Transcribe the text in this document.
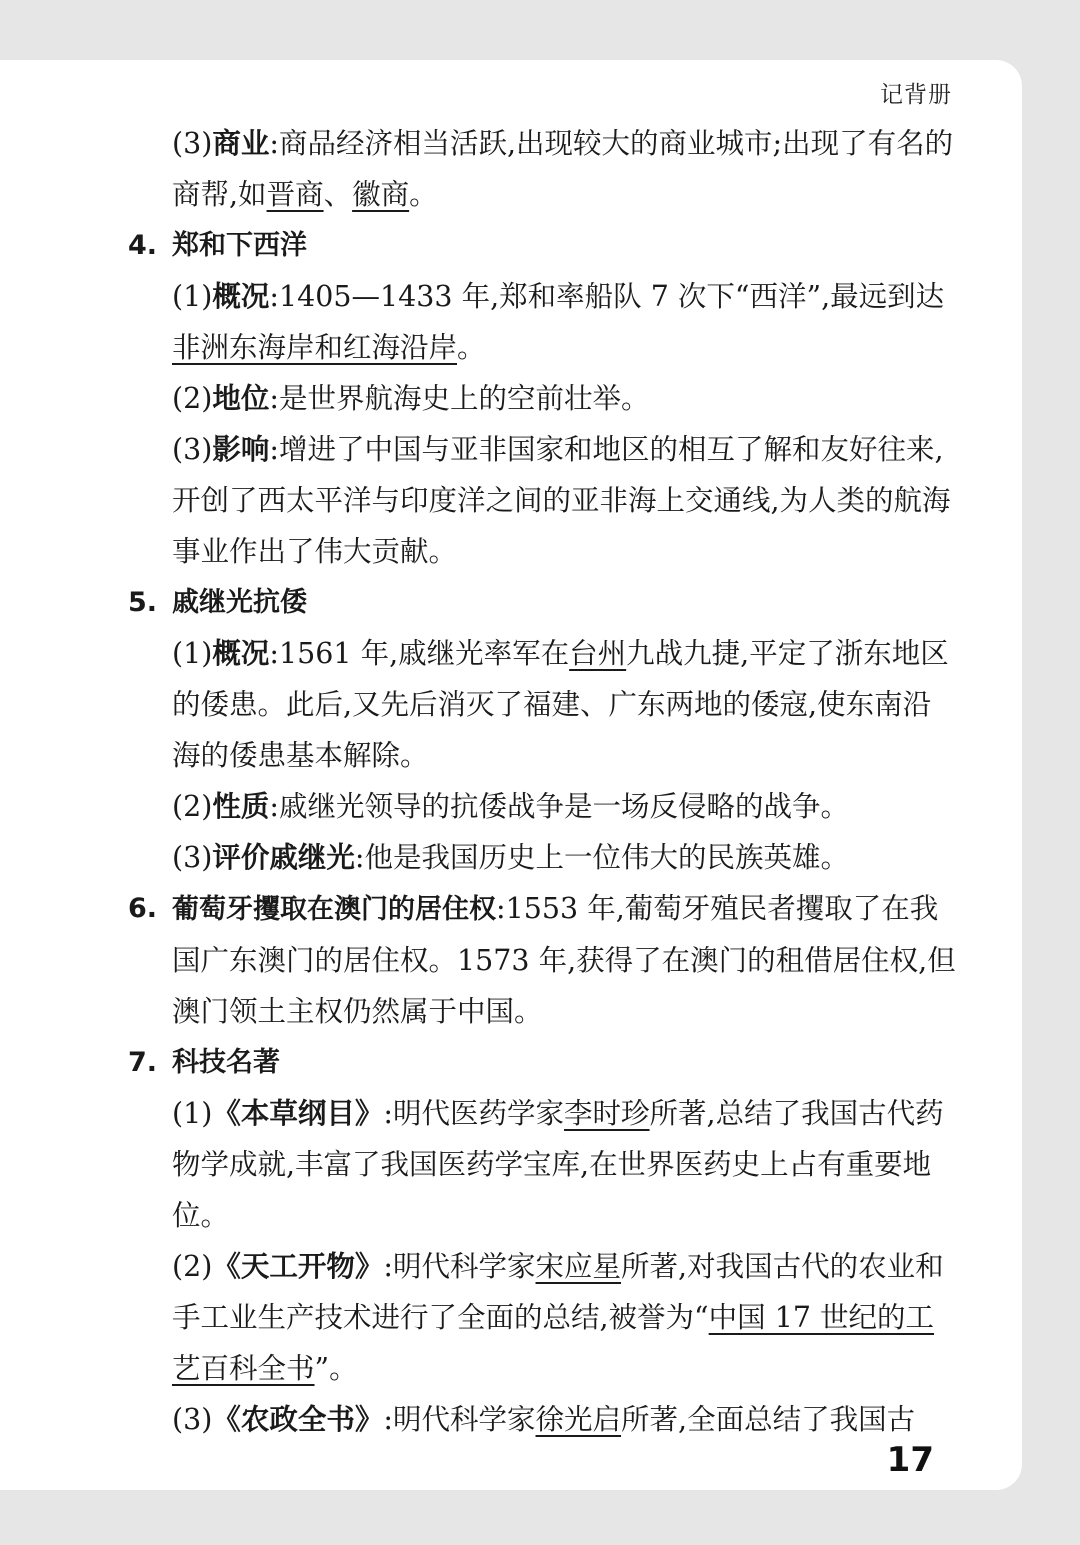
记背册
(3)商业:商品经济相当活跃,出现较大的商业城市;出现了有名的商帮,如晋商、徽商。
4. 郑和下西洋
(1)概况:1405—1433 年,郑和率船队 7 次下“西洋”,最远到达非洲东海岸和红海沿岸。
(2)地位:是世界航海史上的空前壮举。
(3)影响:增进了中国与亚非国家和地区的相互了解和友好往来,开创了西太平洋与印度洋之间的亚非海上交通线,为人类的航海事业作出了伟大贡献。
5. 戚继光抗倭
(1)概况:1561 年,戚继光率军在台州九战九捷,平定了浙东地区的倭患。此后,又先后消灭了福建、广东两地的倭寇,使东南沿海的倭患基本解除。
(2)性质:戚继光领导的抗倭战争是一场反侵略的战争。
(3)评价戚继光:他是我国历史上一位伟大的民族英雄。
6. 葡萄牙攫取在澳门的居住权:1553 年,葡萄牙殖民者攫取了在我国广东澳门的居住权。1573 年,获得了在澳门的租借居住权,但澳门领土主权仍然属于中国。
7. 科技名著
(1)《本草纲目》:明代医药学家李时珍所著,总结了我国古代药物学成就,丰富了我国医药学宝库,在世界医药史上占有重要地位。
(2)《天工开物》:明代科学家宋应星所著,对我国古代的农业和手工业生产技术进行了全面的总结,被誉为“中国 17 世纪的工艺百科全书”。
(3)《农政全书》:明代科学家徐光启所著,全面总结了我国古
17
